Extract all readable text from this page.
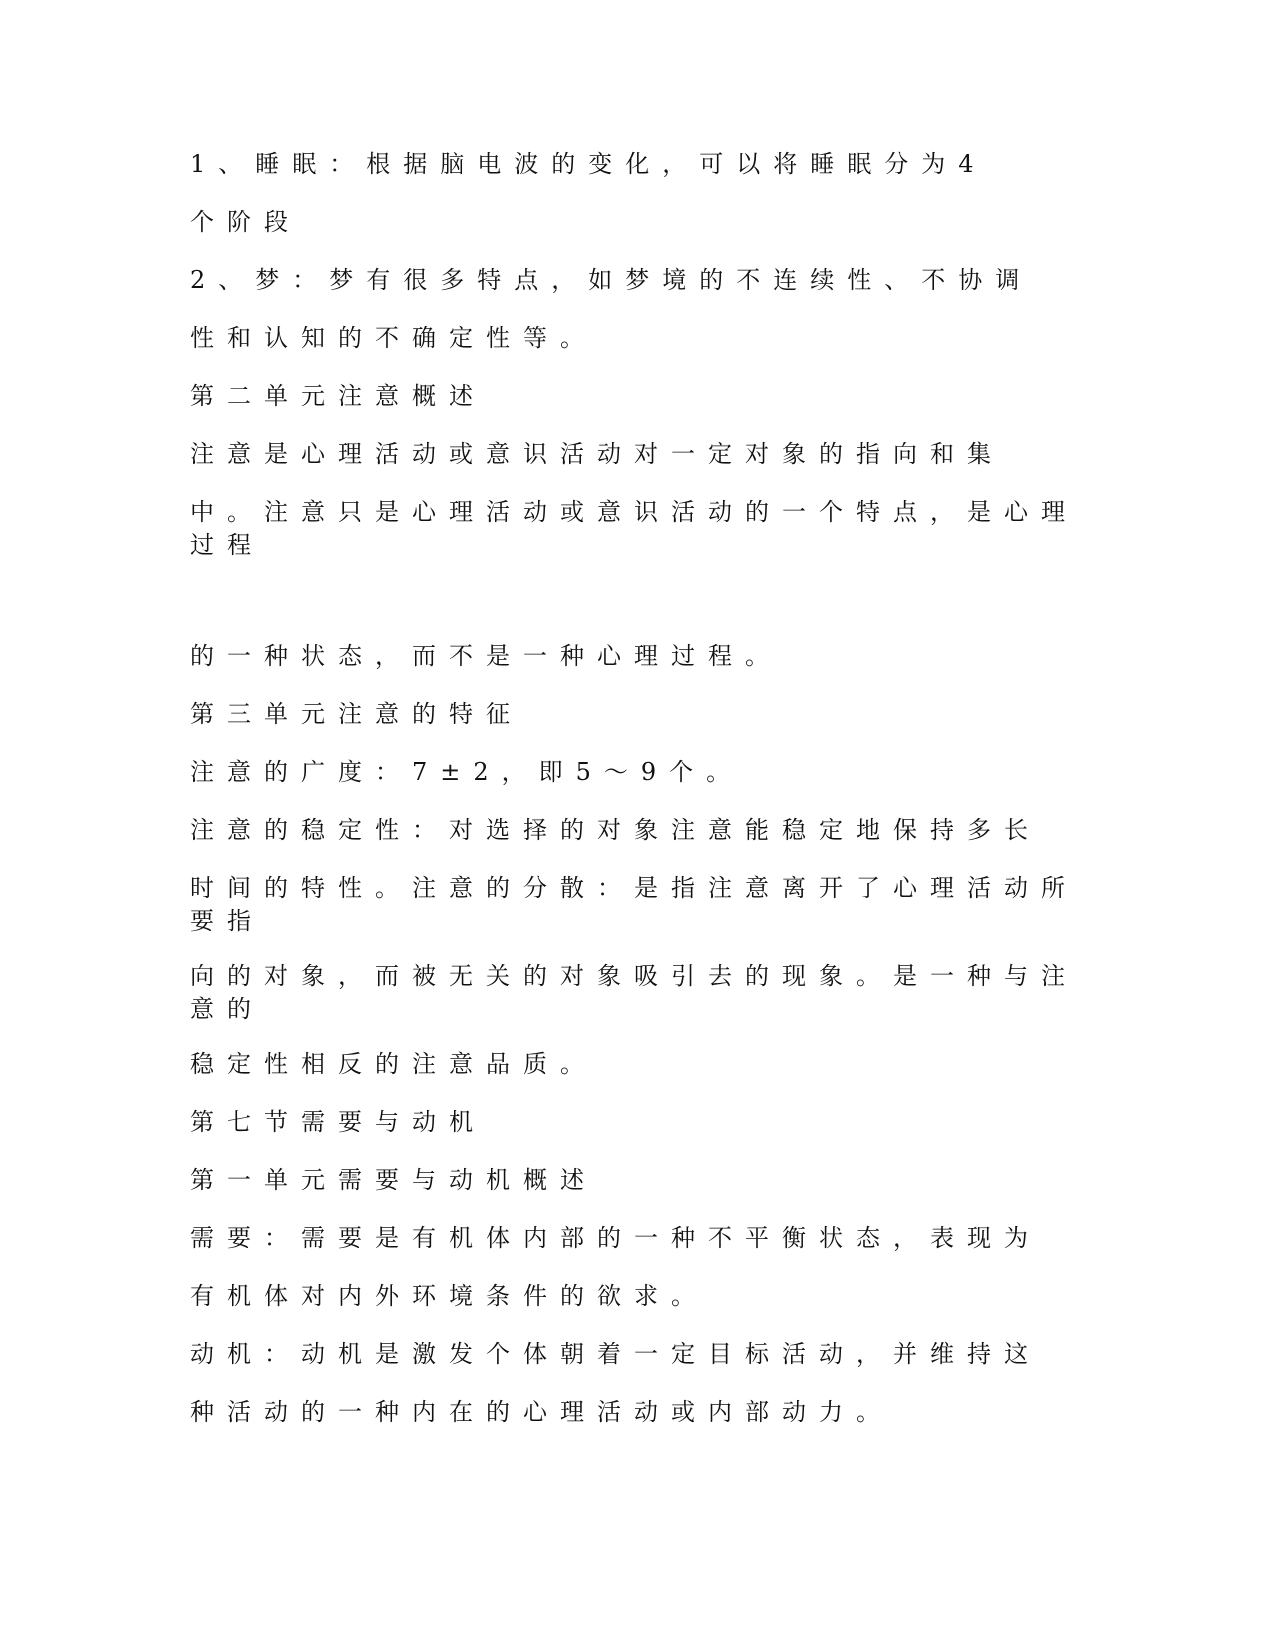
1、睡眠：根据脑电波的变化，可以将睡眠分为4
个阶段
2、梦：梦有很多特点，如梦境的不连续性、不协调
性和认知的不确定性等。
第二单元注意概述
注意是心理活动或意识活动对一定对象的指向和集
中。注意只是心理活动或意识活动的一个特点，是心理过程
的一种状态，而不是一种心理过程。
第三单元注意的特征
注意的广度：7±2，即5～9个。
注意的稳定性：对选择的对象注意能稳定地保持多长
时间的特性。注意的分散：是指注意离开了心理活动所要指
向的对象，而被无关的对象吸引去的现象。是一种与注意的
稳定性相反的注意品质。
第七节需要与动机
第一单元需要与动机概述
需要：需要是有机体内部的一种不平衡状态，表现为
有机体对内外环境条件的欲求。
动机：动机是激发个体朝着一定目标活动，并维持这
种活动的一种内在的心理活动或内部动力。
